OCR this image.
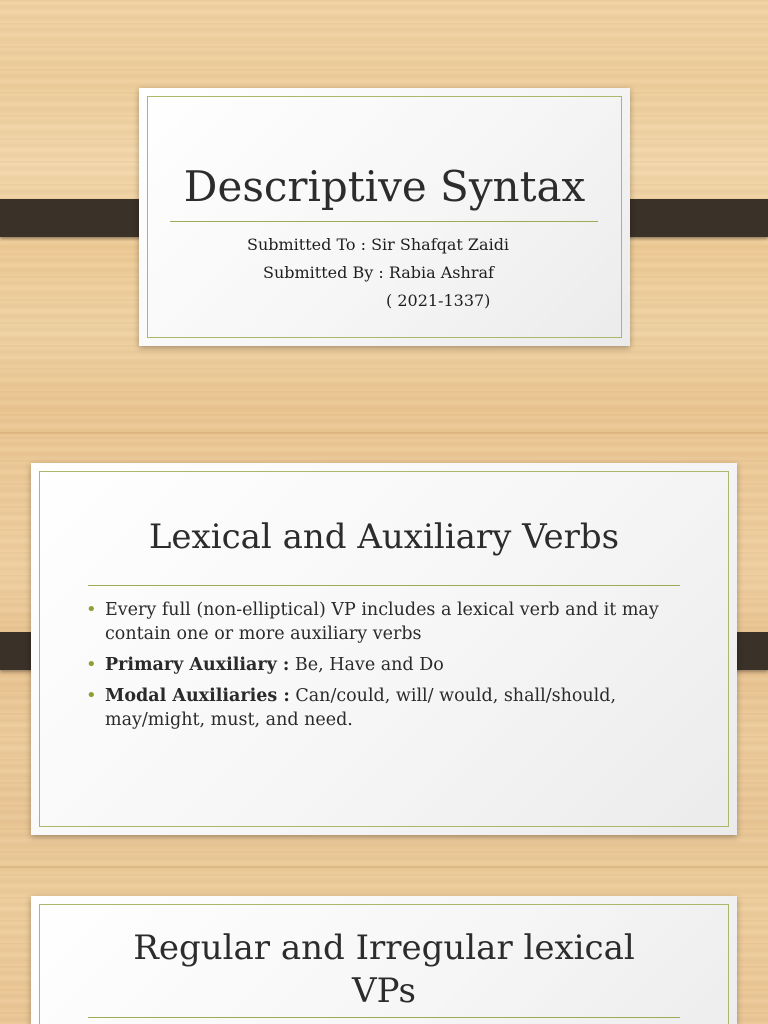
Descriptive Syntax
Submitted To : Sir Shafqat Zaidi
Submitted By : Rabia Ashraf
( 2021-1337)
Lexical and Auxiliary Verbs
• Every full (non-elliptical) VP includes a lexical verb and it may contain one or more auxiliary verbs
• Primary Auxiliary : Be, Have and Do
• Modal Auxiliaries : Can/could, will/ would, shall/should, may/might, must, and need.
Regular and Irregular lexical
VPs
